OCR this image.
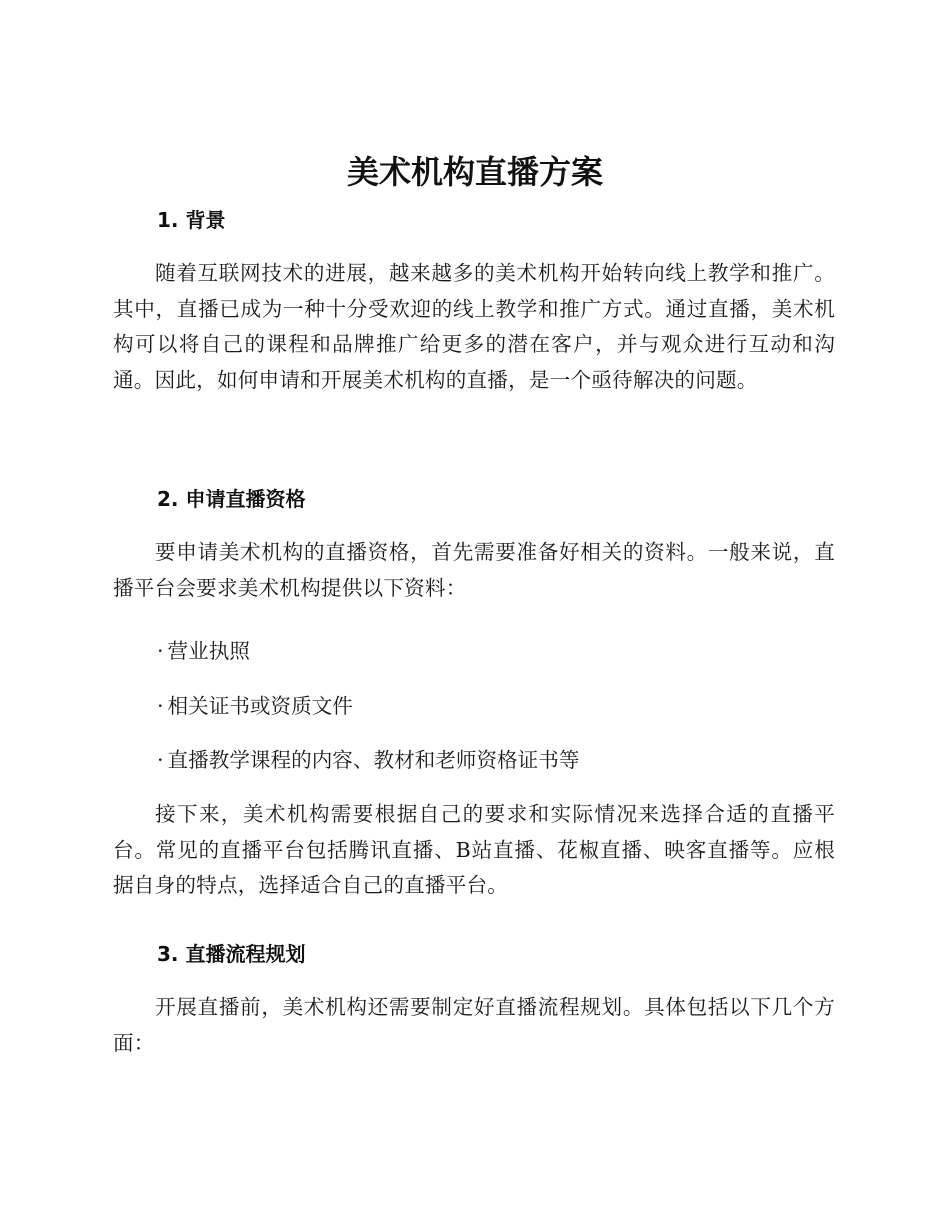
美术机构直播方案
1. 背景

随着互联网技术的进展，越来越多的美术机构开始转向线上教学和推广。其中，直播已成为一种十分受欢迎的线上教学和推广方式。通过直播，美术机构可以将自己的课程和品牌推广给更多的潜在客户，并与观众进行互动和沟通。因此，如何申请和开展美术机构的直播，是一个亟待解决的问题。

2. 申请直播资格

要申请美术机构的直播资格，首先需要准备好相关的资料。一般来说，直播平台会要求美术机构提供以下资料：

· 营业执照
· 相关证书或资质文件
· 直播教学课程的内容、教材和老师资格证书等

接下来，美术机构需要根据自己的要求和实际情况来选择合适的直播平台。常见的直播平台包括腾讯直播、B站直播、花椒直播、映客直播等。应根据自身的特点，选择适合自己的直播平台。

3. 直播流程规划

开展直播前，美术机构还需要制定好直播流程规划。具体包括以下几个方面：
